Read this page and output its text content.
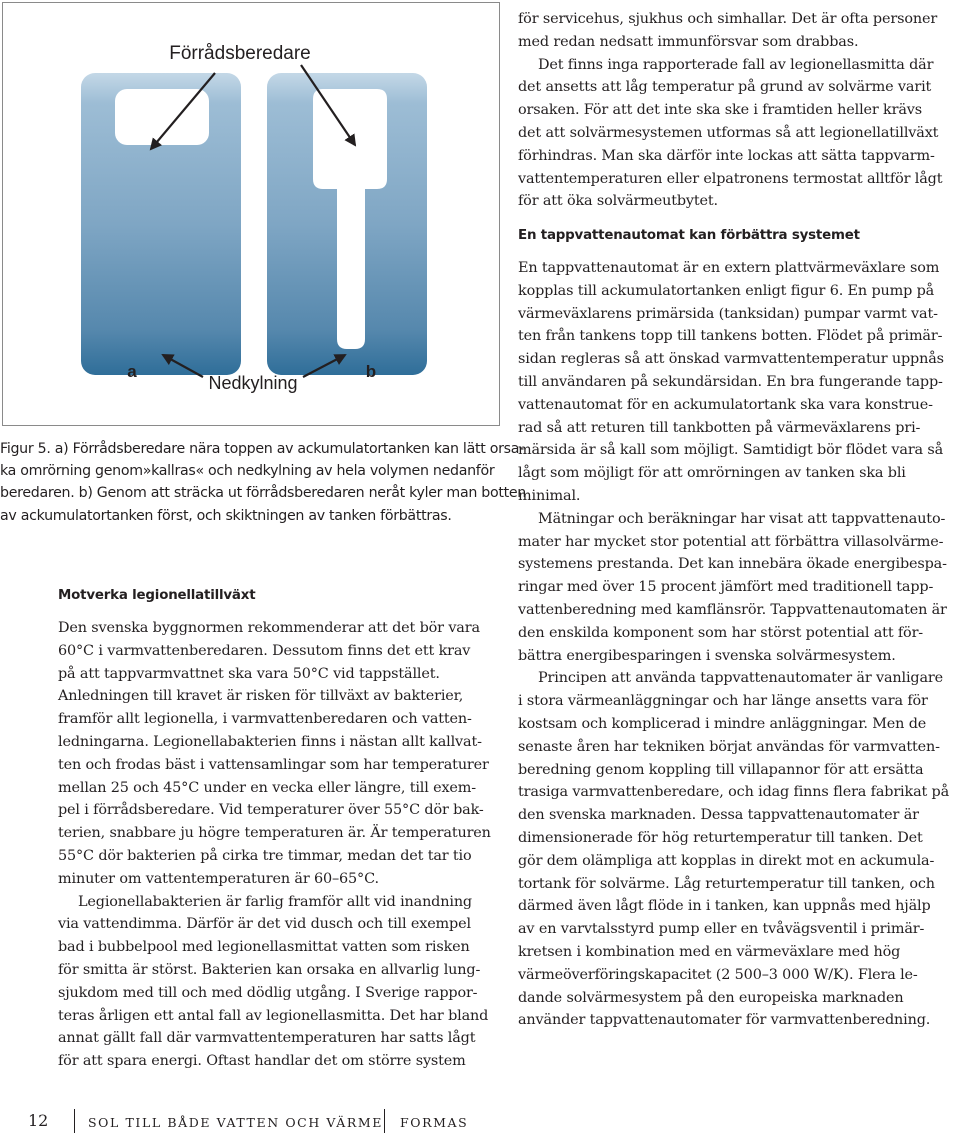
Förrådsberedare
a	b
Nedkylning
Figur 5. a) Förrådsberedare nära toppen av ackumulatortanken kan lätt orsa-
ka omrörning genom»kallras« och nedkylning av hela volymen nedanför
beredaren. b) Genom att sträcka ut förrådsberedaren neråt kyler man botten
av ackumulatortanken först, och skiktningen av tanken förbättras.
Motverka legionellatillväxt

Den svenska byggnormen rekommenderar att det bör vara
60°C i varmvattenberedaren. Dessutom finns det ett krav
på att tappvarmvattnet ska vara 50°C vid tappstället.
Anledningen till kravet är risken för tillväxt av bakterier,
framför allt legionella, i varmvattenberedaren och vatten-
ledningarna. Legionellabakterien finns i nästan allt kallvat-
ten och frodas bäst i vattensamlingar som har temperaturer
mellan 25 och 45°C under en vecka eller längre, till exem-
pel i förrådsberedare. Vid temperaturer över 55°C dör bak-
terien, snabbare ju högre temperaturen är. Är temperaturen
55°C dör bakterien på cirka tre timmar, medan det tar tio
minuter om vattentemperaturen är 60–65°C.

Legionellabakterien är farlig framför allt vid inandning
via vattendimma. Därför är det vid dusch och till exempel
bad i bubbelpool med legionellasmittat vatten som risken
för smitta är störst. Bakterien kan orsaka en allvarlig lung-
sjukdom med till och med dödlig utgång. I Sverige rappor-
teras årligen ett antal fall av legionellasmitta. Det har bland
annat gällt fall där varmvattentemperaturen har satts lågt
för att spara energi. Oftast handlar det om större system

för servicehus, sjukhus och simhallar. Det är ofta personer
med redan nedsatt immunförsvar som drabbas.
Det finns inga rapporterade fall av legionellasmitta där
det ansetts att låg temperatur på grund av solvärme varit
orsaken. För att det inte ska ske i framtiden heller krävs
det att solvärmesystemen utformas så att legionellatillväxt
förhindras. Man ska därför inte lockas att sätta tappvarm-
vattentemperaturen eller elpatronens termostat alltför lågt
för att öka solvärmeutbytet.
En tappvattenautomat kan förbättra systemet

En tappvattenautomat är en extern plattvärmeväxlare som
kopplas till ackumulatortanken enligt figur 6. En pump på
värmeväxlarens primärsida (tanksidan) pumpar varmt vat-
ten från tankens topp till tankens botten. Flödet på primär-
sidan regleras så att önskad varmvattentemperatur uppnås
till användaren på sekundärsidan. En bra fungerande tapp-
vattenautomat för en ackumulatortank ska vara konstrue-
rad så att returen till tankbotten på värmeväxlarens pri-
märsida är så kall som möjligt. Samtidigt bör flödet vara så
lågt som möjligt för att omrörningen av tanken ska bli
minimal.

Mätningar och beräkningar har visat att tappvattenauto-
mater har mycket stor potential att förbättra villasolvärme-
systemens prestanda. Det kan innebära ökade energibespa-
ringar med över 15 procent jämfört med traditionell tapp-
vattenberedning med kamflänsrör. Tappvattenautomaten är
den enskilda komponent som har störst potential att för-
bättra energibesparingen i svenska solvärmesystem.

Principen att använda tappvattenautomater är vanligare
i stora värmeanläggningar och har länge ansetts vara för
kostsam och komplicerad i mindre anläggningar. Men de
senaste åren har tekniken börjat användas för varmvatten-
beredning genom koppling till villapannor för att ersätta
trasiga varmvattenberedare, och idag finns flera fabrikat på
den svenska marknaden. Dessa tappvattenautomater är
dimensionerade för hög returtemperatur till tanken. Det
gör dem olämpliga att kopplas in direkt mot en ackumula-
tortank för solvärme. Låg returtemperatur till tanken, och
därmed även lågt flöde in i tanken, kan uppnås med hjälp
av en varvtalsstyrd pump eller en tvåvägsventil i primär-
kretsen i kombination med en värmeväxlare med hög
värmeöverföringskapacitet (2 500–3 000 W/K). Flera le-
dande solvärmesystem på den europeiska marknaden
använder tappvattenautomater för varmvattenberedning.

12	SOL TILL BÅDE VATTEN OCH VÄRME FORMAS
